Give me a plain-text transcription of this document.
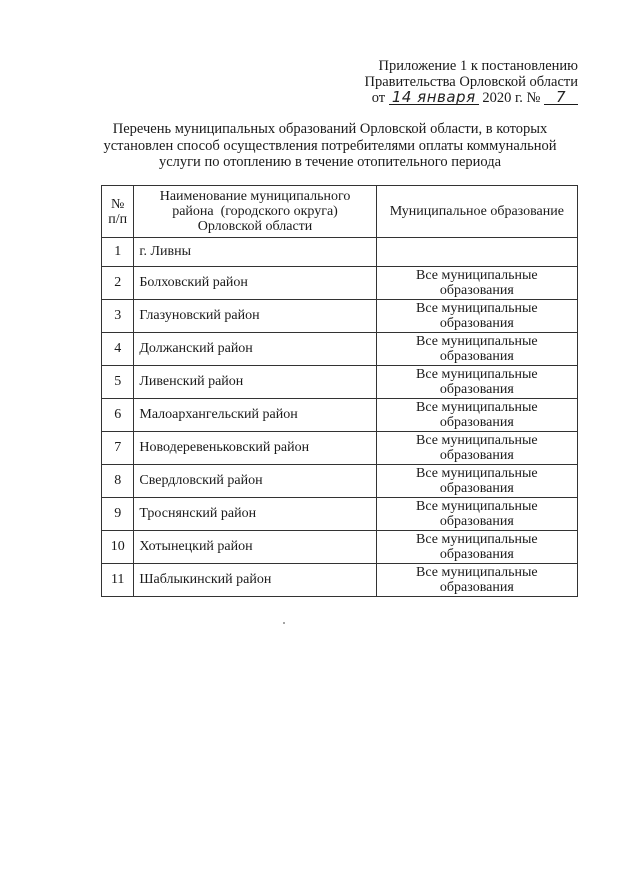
Приложение 1 к постановлению
Правительства Орловской области
от 14 января 2020 г. № 7
Перечень муниципальных образований Орловской области, в которых
установлен способ осуществления потребителями оплаты коммунальной
услуги по отоплению в течение отопительного периода
№
п/п	Наименование муниципального
района  (городского округа)
Орловской области	Муниципальное образование
1	г. Ливны	
2	Болховский район	Все муниципальные
образования

3	Глазуновский район	Все муниципальные
образования

4	Должанский район	Все муниципальные
образования

5	Ливенский район	Все муниципальные
образования

6	Малоархангельский район	Все муниципальные
образования

7	Новодеревеньковский район	Все муниципальные
образования

8	Свердловский район	Все муниципальные
образования

9	Троснянский район	Все муниципальные
образования

10	Хотынецкий район	Все муниципальные
образования

11	Шаблыкинский район	Все муниципальные
образования
